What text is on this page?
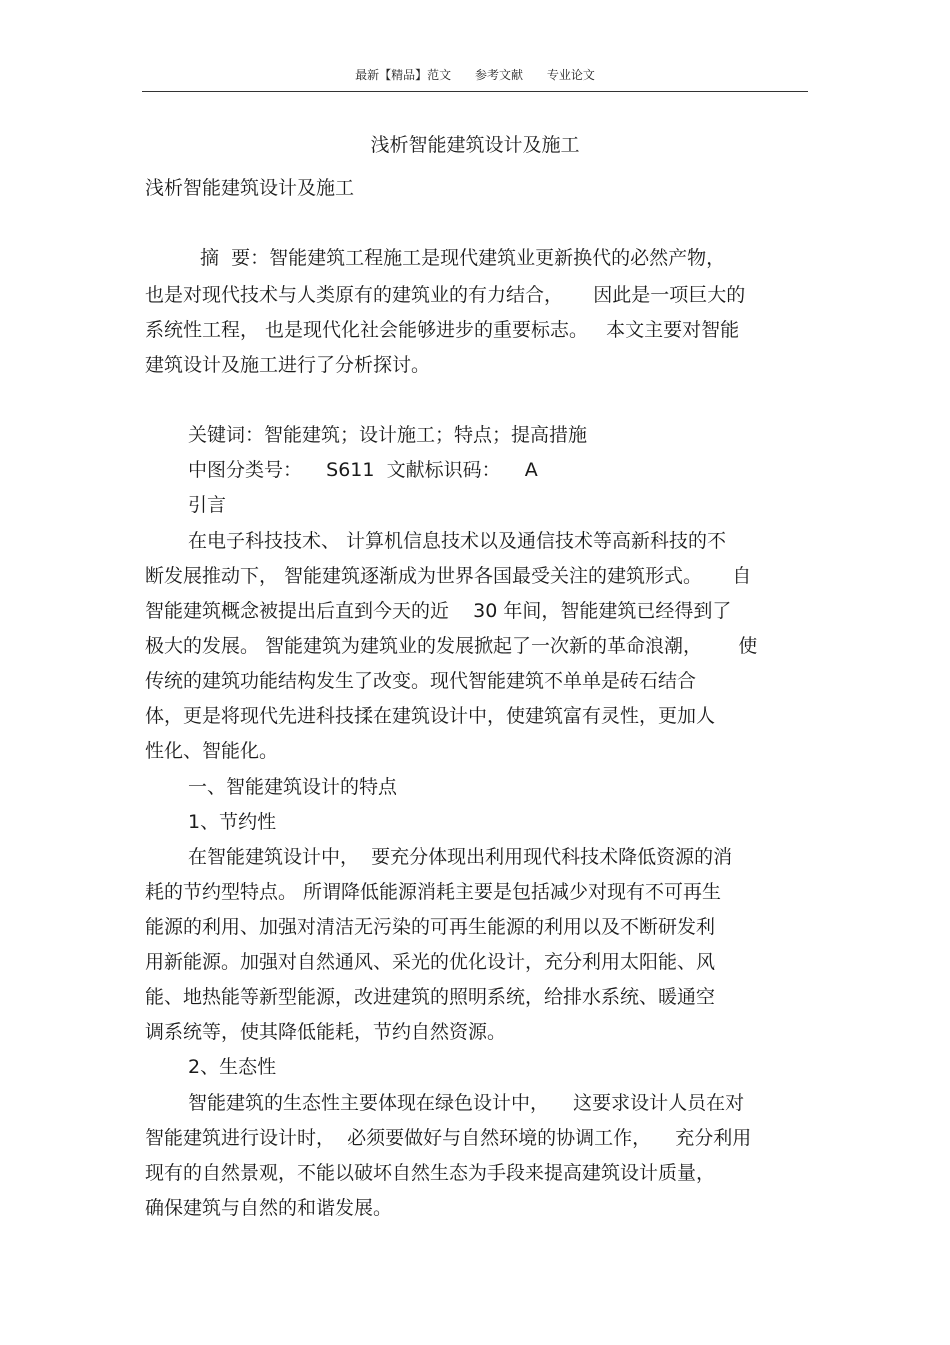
最新【精品】范文 参考文献 专业论文
浅析智能建筑设计及施工
浅析智能建筑设计及施工
摘  要：智能建筑工程施工是现代建筑业更新换代的必然产物，
也是对现代技术与人类原有的建筑业的有力结合，     因此是一项巨大的
系统性工程， 也是现代化社会能够进步的重要标志。   本文主要对智能
建筑设计及施工进行了分析探讨。
关键词：智能建筑；设计施工；特点；提高措施
中图分类号：    S611  文献标识码：    A
引言
在电子科技技术、 计算机信息技术以及通信技术等高新科技的不
断发展推动下， 智能建筑逐渐成为世界各国最受关注的建筑形式。     自
智能建筑概念被提出后直到今天的近    30 年间，智能建筑已经得到了
极大的发展。 智能建筑为建筑业的发展掀起了一次新的革命浪潮，      使
传统的建筑功能结构发生了改变。现代智能建筑不单单是砖石结合
体，更是将现代先进科技揉在建筑设计中，使建筑富有灵性，更加人
性化、智能化。
一、智能建筑设计的特点
1、节约性
在智能建筑设计中，  要充分体现出利用现代科技术降低资源的消
耗的节约型特点。 所谓降低能源消耗主要是包括减少对现有不可再生
能源的利用、加强对清洁无污染的可再生能源的利用以及不断研发利
用新能源。加强对自然通风、采光的优化设计，充分利用太阳能、风
能、地热能等新型能源，改进建筑的照明系统，给排水系统、暖通空
调系统等，使其降低能耗，节约自然资源。
2、生态性
智能建筑的生态性主要体现在绿色设计中，    这要求设计人员在对
智能建筑进行设计时，  必须要做好与自然环境的协调工作，    充分利用
现有的自然景观，不能以破坏自然生态为手段来提高建筑设计质量，
确保建筑与自然的和谐发展。
